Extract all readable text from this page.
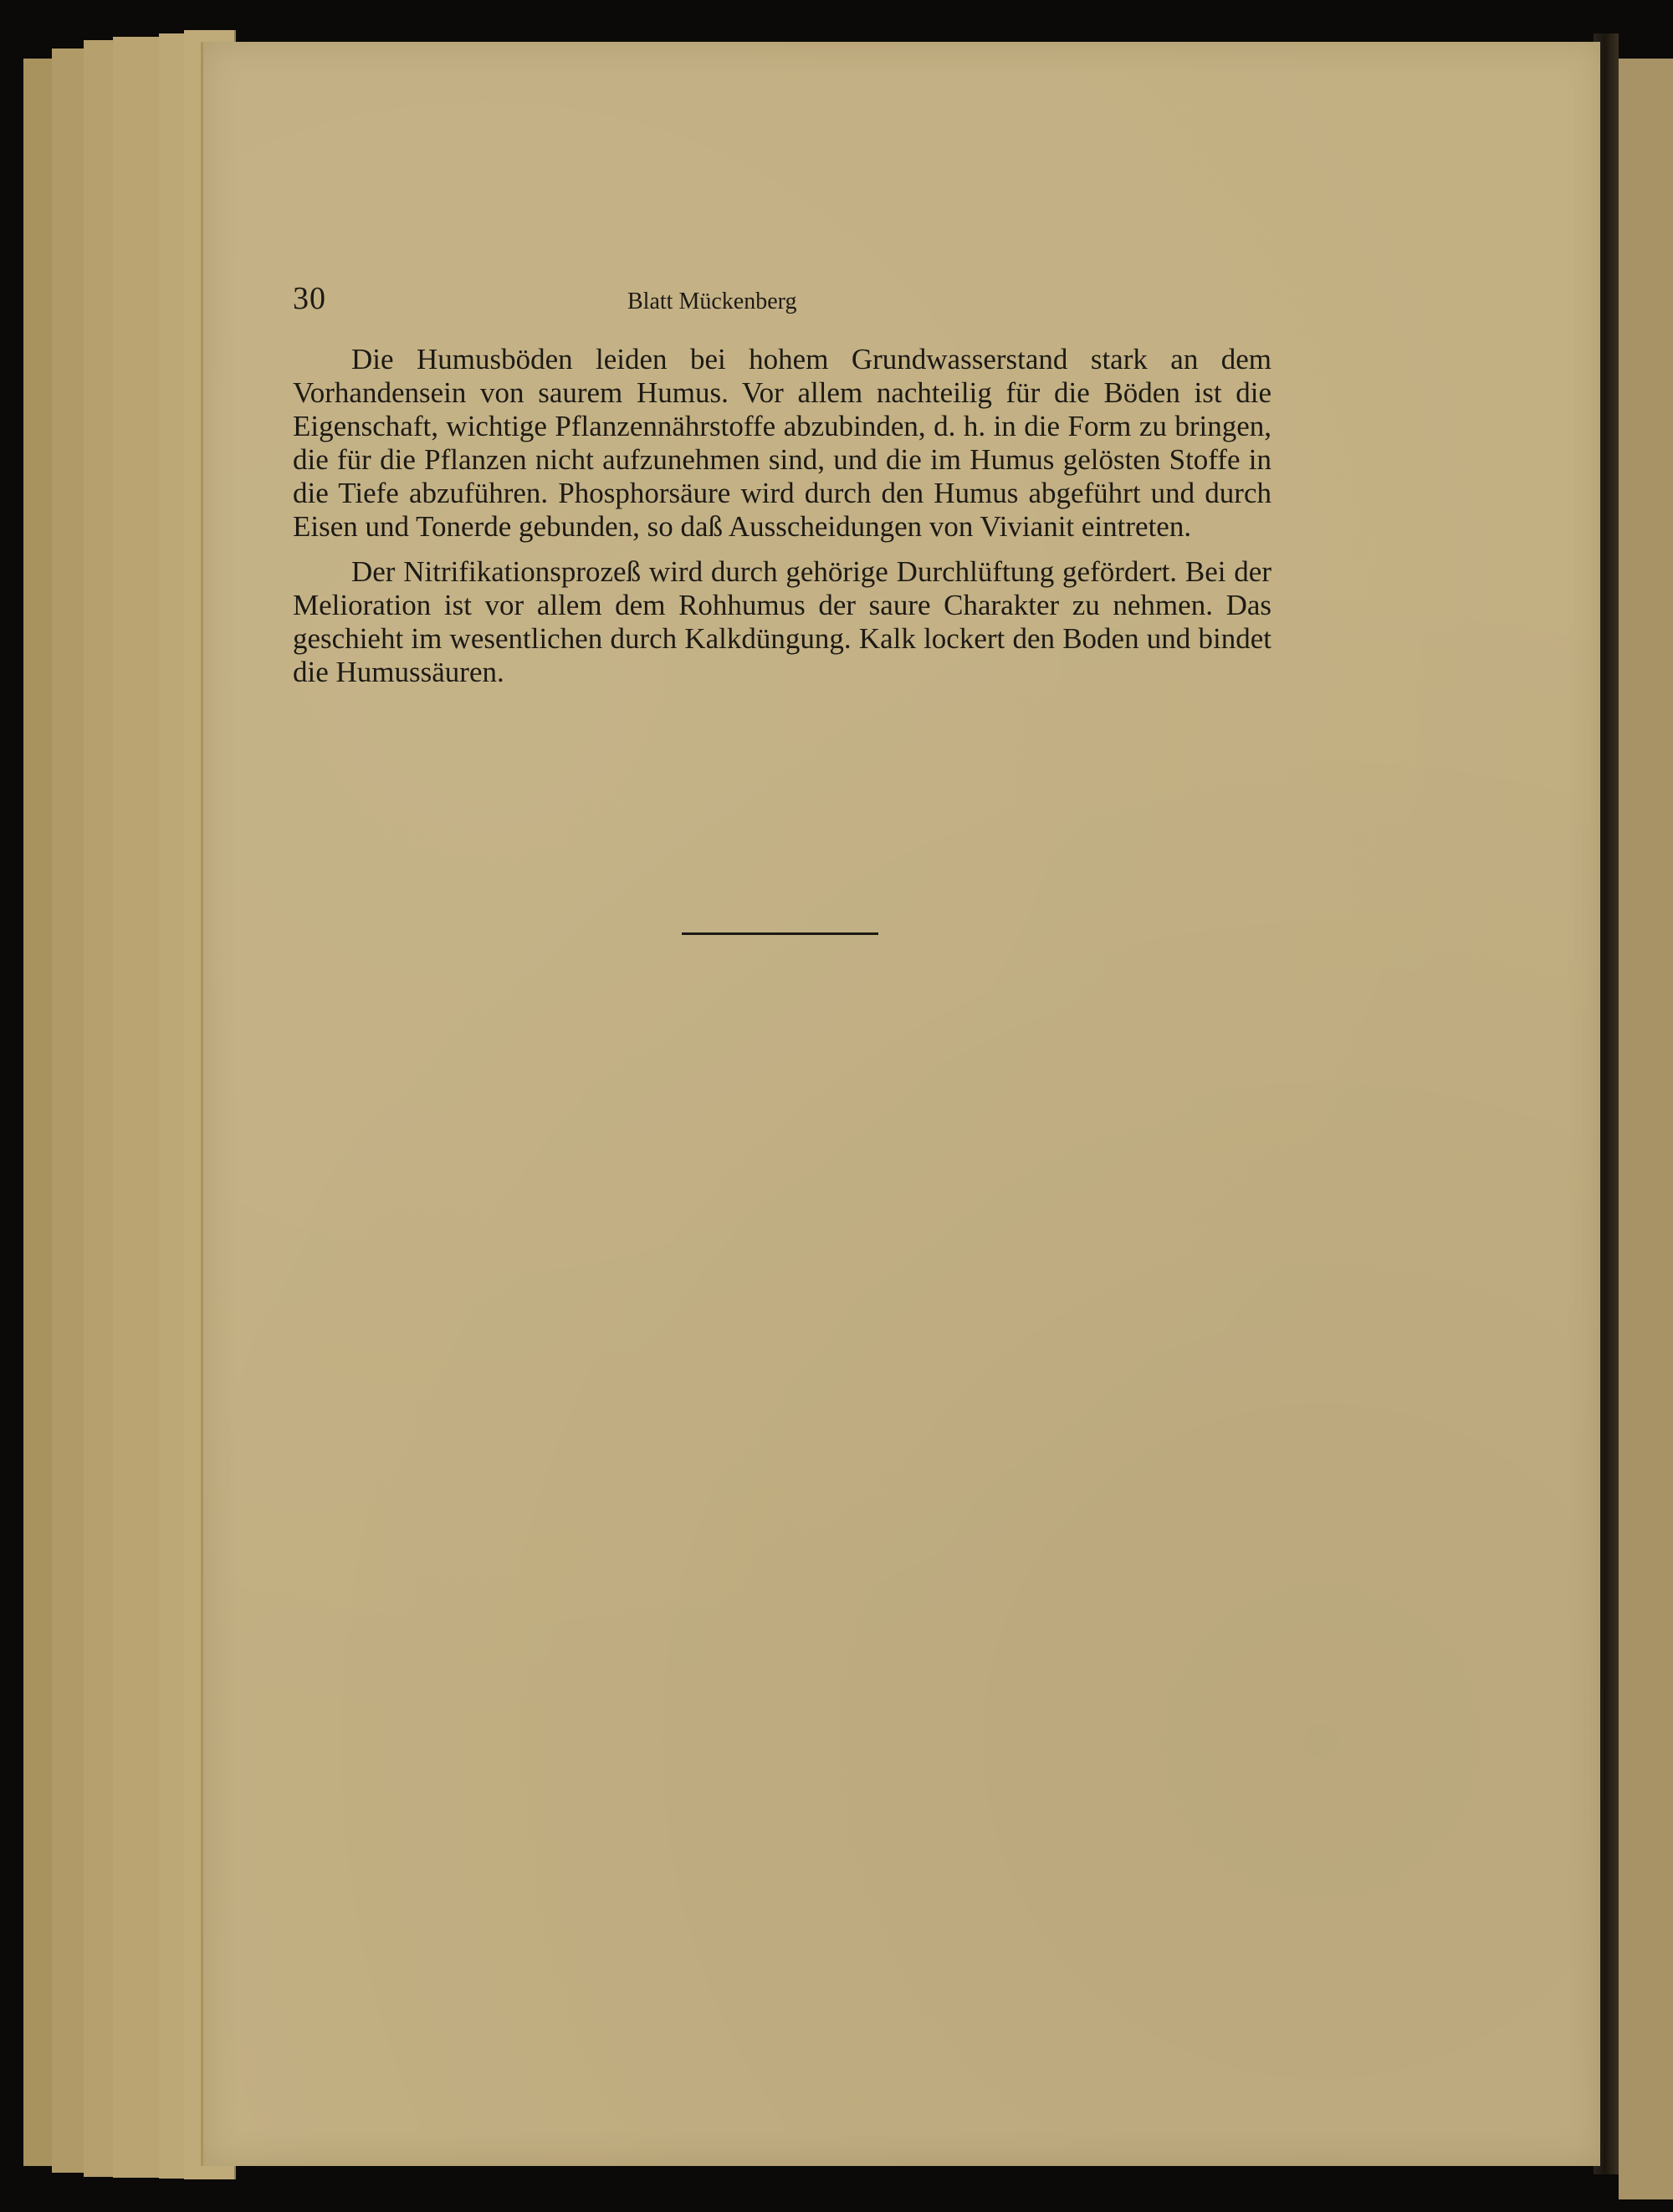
30	Blatt Mückenberg

Die Humusböden leiden bei hohem Grundwasserstand stark an dem Vorhandensein von saurem Humus. Vor allem nachteilig für die Böden ist die Eigenschaft, wichtige Pflanzennährstoffe abzubinden, d. h. in die Form zu bringen, die für die Pflanzen nicht aufzunehmen sind, und die im Humus gelösten Stoffe in die Tiefe abzuführen. Phosphorsäure wird durch den Humus abgeführt und durch Eisen und Tonerde gebunden, so daß Ausscheidungen von Vivianit eintreten.

Der Nitrifikationsprozeß wird durch gehörige Durchlüftung gefördert. Bei der Melioration ist vor allem dem Rohhumus der saure Charakter zu nehmen. Das geschieht im wesentlichen durch Kalkdüngung. Kalk lockert den Boden und bindet die Humussäuren.
